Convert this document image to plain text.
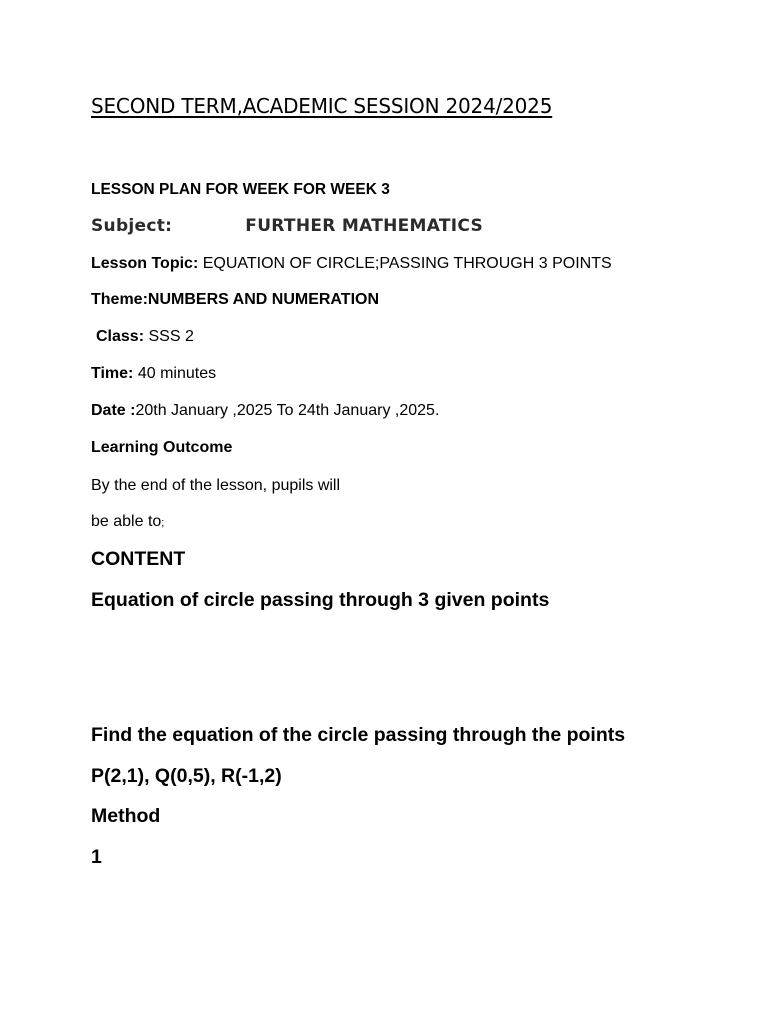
SECOND TERM,ACADEMIC SESSION 2024/2025

LESSON PLAN FOR WEEK FOR WEEK 3

Subject:	FURTHER MATHEMATICS

Lesson Topic: EQUATION OF CIRCLE;PASSING THROUGH 3 POINTS

Theme:NUMBERS AND NUMERATION

Class: SSS 2

Time: 40 minutes

Date :20th January ,2025 To 24th January ,2025.

Learning Outcome

By the end of the lesson, pupils will

be able to;

CONTENT

Equation of circle passing through 3 given points

Find the equation of the circle passing through the points

P(2,1), Q(0,5), R(-1,2)

Method

1
